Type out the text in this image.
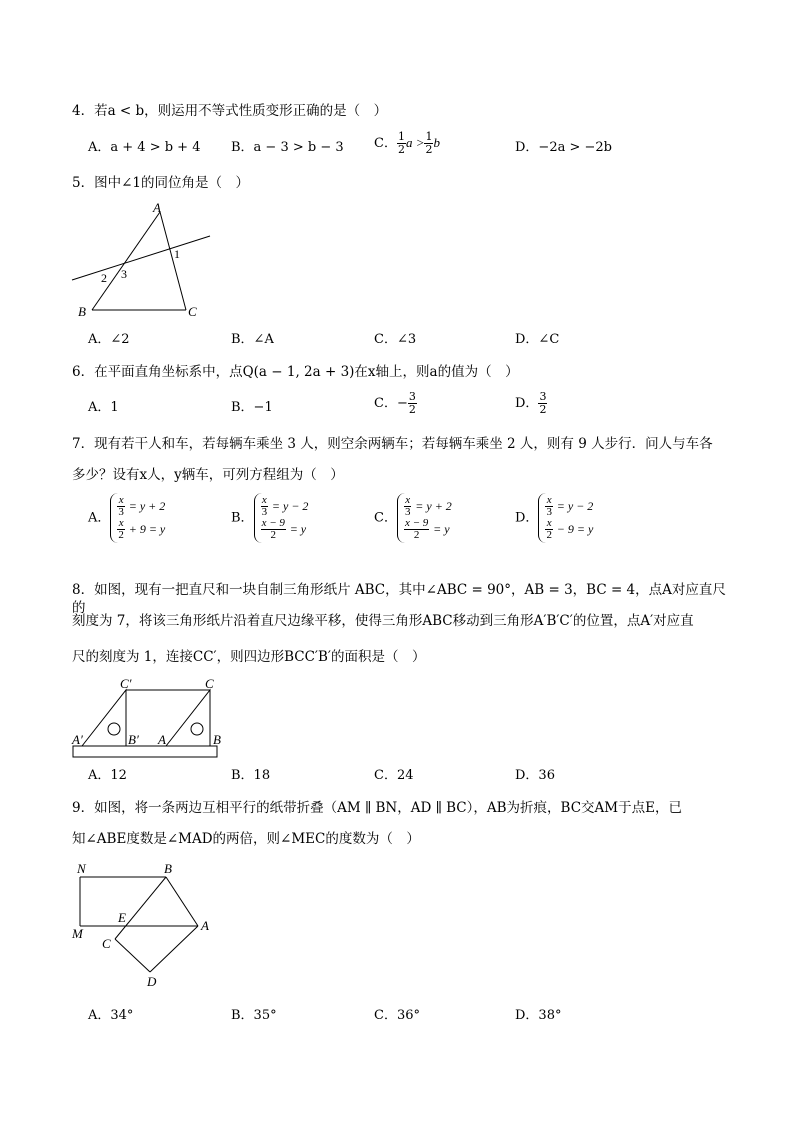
4．若a < b，则运用不等式性质变形正确的是（　）
A．a + 4 > b + 4 B．a − 3 > b − 3 C． $\frac{1}{2}$ $a > \frac{1}{2}$ b	D．−2a > −2b
5．图中∠1的同位角是（　）
A
B	C
1
2 3
A．∠2	B．∠A	C．∠3	D．∠C
6．在平面直角坐标系中，点Q(a − 1, 2a + 3)在x轴上，则a的值为（　）
A．1	B．−1	C．− $\frac{3}{2}$	D． $\frac{3}{2}$
7．现有若干人和车，若每辆车乘坐 3 人，则空余两辆车；若每辆车乘坐 2 人，则有 9 人步行．问人与车各
多少？设有x人，y辆车，可列方程组为（　）
A． $\frac{x}{3} = y + 2$
$\frac{x}{2} + 9 = y$
B． $\frac{x}{3} = y - 2$
$\frac{x - 9}{2} = y$
C． $\frac{x}{3} = y + 2$
$\frac{x - 9}{2} = y$
D． $\frac{x}{3} = y - 2$
$\frac{x}{2} - 9 = y$
8．如图，现有一把直尺和一块自制三角形纸片 ABC，其中∠ABC = 90°，AB = 3，BC = 4，点A对应直尺的
刻度为 7，将该三角形纸片沿着直尺边缘平移，使得三角形ABC移动到三角形A′B′C′的位置，点A′对应直
尺的刻度为 1，连接CC′，则四边形BCC′B′的面积是（　）
C′	C
A′	B′ A	B
A．12	B．18	C．24	D．36
9．如图，将一条两边互相平行的纸带折叠（AM ∥ BN，AD ∥ BC），AB为折痕，BC交AM于点E，已
知∠ABE度数是∠MAD的两倍，则∠MEC的度数为（　）
N	B
E
M
C
A
D
A．34°	B．35°	C．36°	D．38°
